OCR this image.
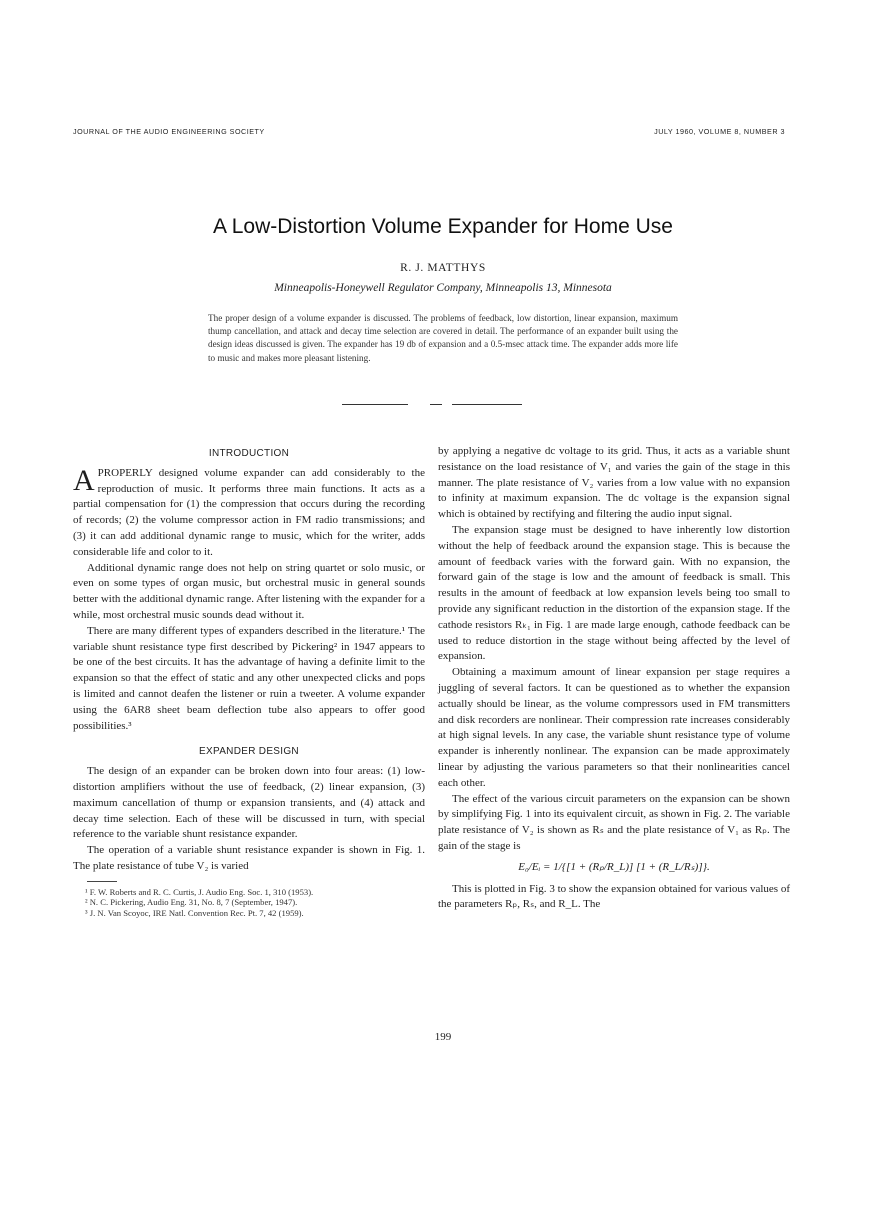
JOURNAL OF THE AUDIO ENGINEERING SOCIETY	JULY 1960, VOLUME 8, NUMBER 3
A Low-Distortion Volume Expander for Home Use
R. J. MATTHYS
Minneapolis-Honeywell Regulator Company, Minneapolis 13, Minnesota
The proper design of a volume expander is discussed. The problems of feedback, low distortion, linear expansion, maximum thump cancellation, and attack and decay time selection are covered in detail. The performance of an expander built using the design ideas discussed is given. The expander has 19 db of expansion and a 0.5-msec attack time. The expander adds more life to music and makes more pleasant listening.
INTRODUCTION

APROPERLY designed volume expander can add considerably to the reproduction of music. It performs three main functions. It acts as a partial compensation for (1) the compression that occurs during the recording of records; (2) the volume compressor action in FM radio transmissions; and (3) it can add additional dynamic range to music, which for the writer, adds considerable life and color to it.

Additional dynamic range does not help on string quartet or solo music, or even on some types of organ music, but orchestral music in general sounds better with the additional dynamic range. After listening with the expander for a while, most orchestral music sounds dead without it.

There are many different types of expanders described in the literature.¹ The variable shunt resistance type first described by Pickering² in 1947 appears to be one of the best circuits. It has the advantage of having a definite limit to the expansion so that the effect of static and any other unexpected clicks and pops is limited and cannot deafen the listener or ruin a tweeter. A volume expander using the 6AR8 sheet beam deflection tube also appears to offer good possibilities.³

EXPANDER DESIGN

The design of an expander can be broken down into four areas: (1) low-distortion amplifiers without the use of feedback, (2) linear expansion, (3) maximum cancellation of thump or expansion transients, and (4) attack and decay time selection. Each of these will be discussed in turn, with special reference to the variable shunt resistance expander.

The operation of a variable shunt resistance expander is shown in Fig. 1. The plate resistance of tube V₂ is varied

¹ F. W. Roberts and R. C. Curtis, J. Audio Eng. Soc. 1, 310 (1953).
² N. C. Pickering, Audio Eng. 31, No. 8, 7 (September, 1947).
³ J. N. Van Scoyoc, IRE Natl. Convention Rec. Pt. 7, 42 (1959).

by applying a negative dc voltage to its grid. Thus, it acts as a variable shunt resistance on the load resistance of V₁ and varies the gain of the stage in this manner. The plate resistance of V₂ varies from a low value with no expansion to infinity at maximum expansion. The dc voltage is the expansion signal which is obtained by rectifying and filtering the audio input signal.

The expansion stage must be designed to have inherently low distortion without the help of feedback around the expansion stage. This is because the amount of feedback varies with the forward gain. With no expansion, the forward gain of the stage is low and the amount of feedback is small. This results in the amount of feedback at low expansion levels being too small to provide any significant reduction in the distortion of the expansion stage. If the cathode resistors Rₖ₁ in Fig. 1 are made large enough, cathode feedback can be used to reduce distortion in the stage without being affected by the level of expansion.

Obtaining a maximum amount of linear expansion per stage requires a juggling of several factors. It can be questioned as to whether the expansion actually should be linear, as the volume compressors used in FM transmitters and disk recorders are nonlinear. Their compression rate increases considerably at high signal levels. In any case, the variable shunt resistance type of volume expander is inherently nonlinear. The expansion can be made approximately linear by adjusting the various parameters so that their nonlinearities cancel each other.

The effect of the various circuit parameters on the expansion can be shown by simplifying Fig. 1 into its equivalent circuit, as shown in Fig. 2. The variable plate resistance of V₂ is shown as Rₛ and the plate resistance of V₁ as Rₚ. The gain of the stage is

E₀/Eᵢ = 1/{[1 + (Rₚ/R_L)] [1 + (R_L/Rₛ)]}.

This is plotted in Fig. 3 to show the expansion obtained for various values of the parameters Rₚ, Rₛ, and R_L. The

199
